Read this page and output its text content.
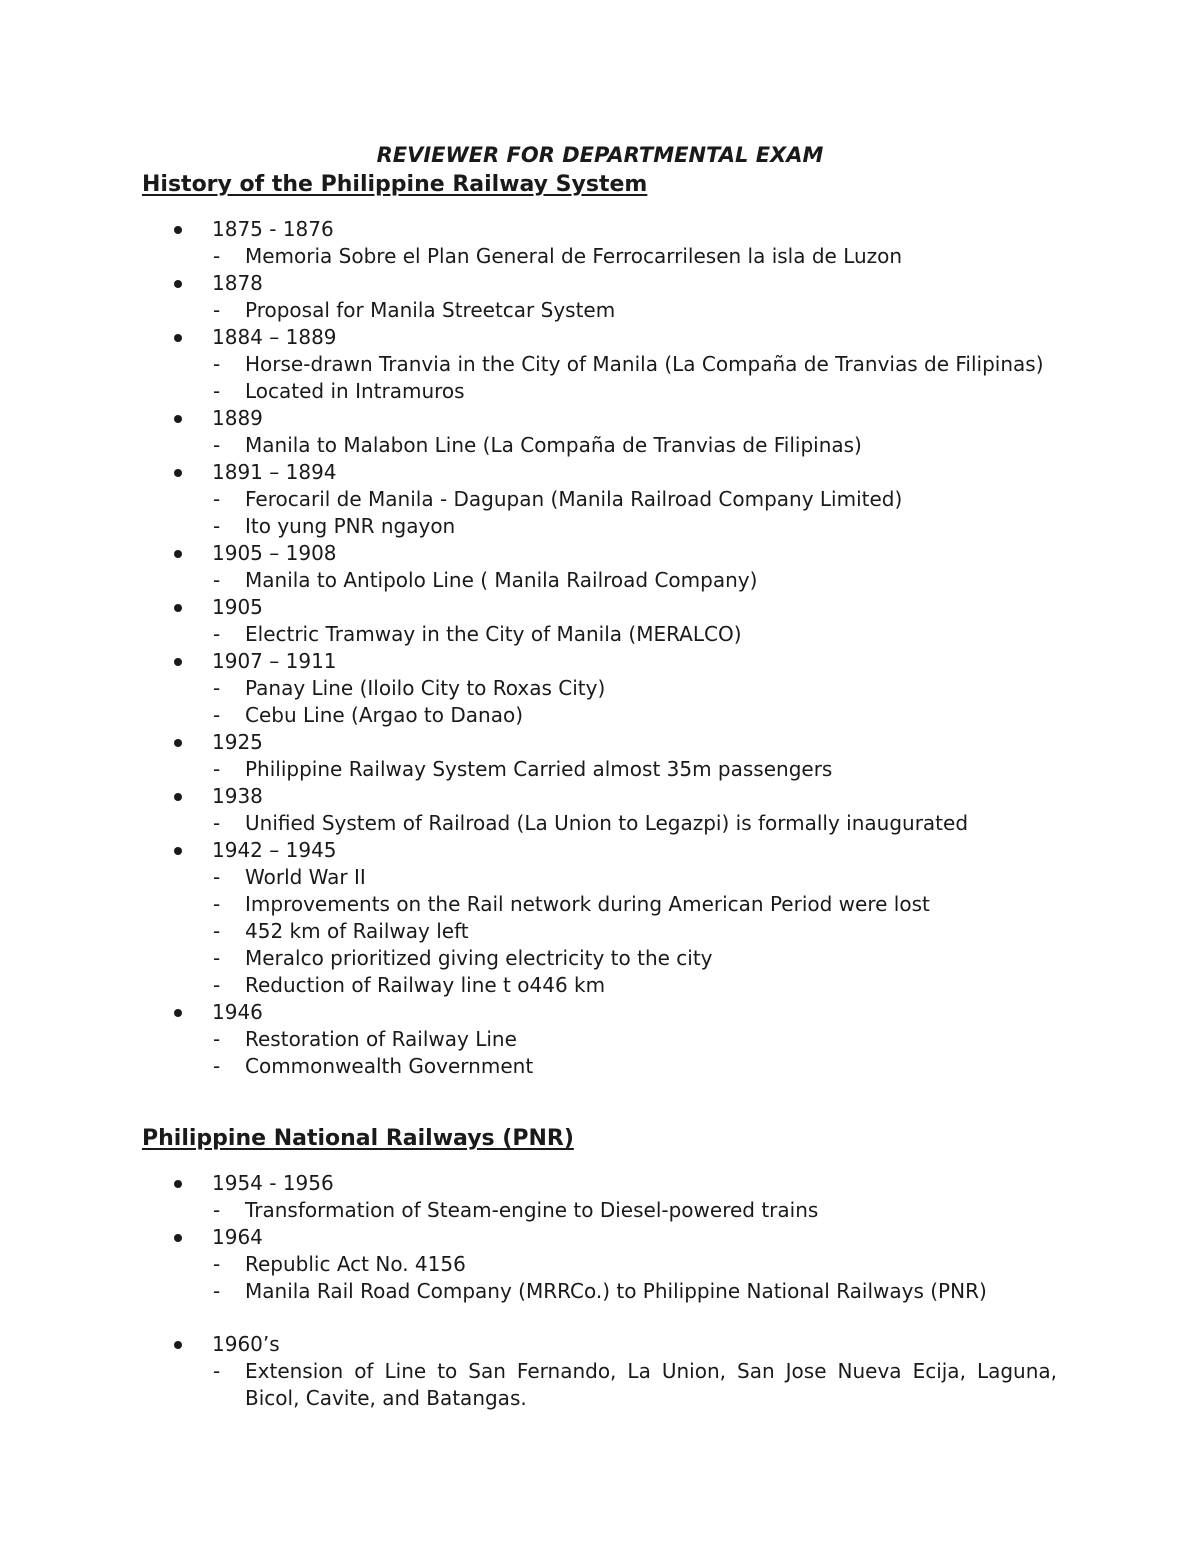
REVIEWER FOR DEPARTMENTAL EXAM
History of the Philippine Railway System
1875 - 1876
- Memoria Sobre el Plan General de Ferrocarrilesen la isla de Luzon
1878
- Proposal for Manila Streetcar System
1884 – 1889
- Horse-drawn Tranvia in the City of Manila (La Compaña de Tranvias de Filipinas)
- Located in Intramuros
1889
- Manila to Malabon Line (La Compaña de Tranvias de Filipinas)
1891 – 1894
- Ferocaril de Manila - Dagupan (Manila Railroad Company Limited)
- Ito yung PNR ngayon
1905 – 1908
- Manila to Antipolo Line ( Manila Railroad Company)
1905
- Electric Tramway in the City of Manila (MERALCO)
1907 – 1911
- Panay Line (Iloilo City to Roxas City)
- Cebu Line (Argao to Danao)
1925
- Philippine Railway System Carried almost 35m passengers
1938
- Unified System of Railroad (La Union to Legazpi) is formally inaugurated
1942 – 1945
- World War II
- Improvements on the Rail network during American Period were lost
- 452 km of Railway left
- Meralco prioritized giving electricity to the city
- Reduction of Railway line t o446 km
1946
- Restoration of Railway Line
- Commonwealth Government
Philippine National Railways (PNR)
1954 - 1956
- Transformation of Steam-engine to Diesel-powered trains
1964
- Republic Act No. 4156
- Manila Rail Road Company (MRRCo.) to Philippine National Railways (PNR)
1960’s
- Extension of Line to San Fernando, La Union, San Jose Nueva Ecija, Laguna, Bicol, Cavite, and Batangas.
